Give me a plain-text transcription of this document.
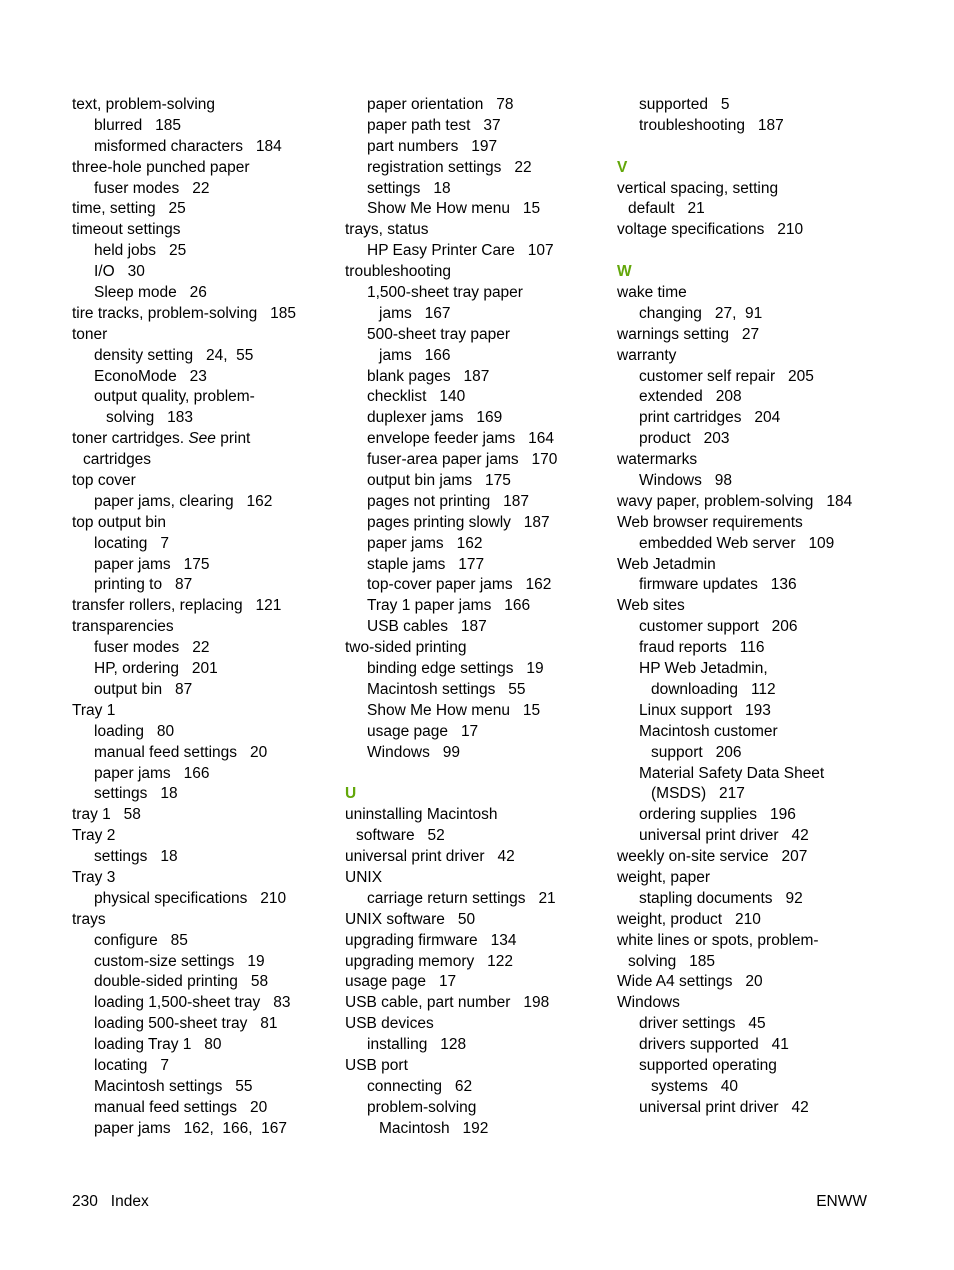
text, problem-solving
blurred   185
misformed characters   184
three-hole punched paper
fuser modes   22
time, setting   25
timeout settings
held jobs   25
I/O   30
Sleep mode   26
tire tracks, problem-solving   185
toner
density setting   24,  55
EconoMode   23
output quality, problem-
solving   183
toner cartridges. See print
cartridges
top cover
paper jams, clearing   162
top output bin
locating   7
paper jams   175
printing to   87
transfer rollers, replacing   121
transparencies
fuser modes   22
HP, ordering   201
output bin   87
Tray 1
loading   80
manual feed settings   20
paper jams   166
settings   18
tray 1   58
Tray 2
settings   18
Tray 3
physical specifications   210
trays
configure   85
custom-size settings   19
double-sided printing   58
loading 1,500-sheet tray   83
loading 500-sheet tray   81
loading Tray 1   80
locating   7
Macintosh settings   55
manual feed settings   20
paper jams   162,  166,  167
paper orientation   78
paper path test   37
part numbers   197
registration settings   22
settings   18
Show Me How menu   15
trays, status
HP Easy Printer Care   107
troubleshooting
1,500-sheet tray paper
jams   167
500-sheet tray paper
jams   166
blank pages   187
checklist   140
duplexer jams   169
envelope feeder jams   164
fuser-area paper jams   170
output bin jams   175
pages not printing   187
pages printing slowly   187
paper jams   162
staple jams   177
top-cover paper jams   162
Tray 1 paper jams   166
USB cables   187
two-sided printing
binding edge settings   19
Macintosh settings   55
Show Me How menu   15
usage page   17
Windows   99
U
uninstalling Macintosh
software   52
universal print driver   42
UNIX
carriage return settings   21
UNIX software   50
upgrading firmware   134
upgrading memory   122
usage page   17
USB cable, part number   198
USB devices
installing   128
USB port
connecting   62
problem-solving
Macintosh   192
supported   5
troubleshooting   187
V
vertical spacing, setting
default   21
voltage specifications   210
W
wake time
changing   27,  91
warnings setting   27
warranty
customer self repair   205
extended   208
print cartridges   204
product   203
watermarks
Windows   98
wavy paper, problem-solving   184
Web browser requirements
embedded Web server   109
Web Jetadmin
firmware updates   136
Web sites
customer support   206
fraud reports   116
HP Web Jetadmin,
downloading   112
Linux support   193
Macintosh customer
support   206
Material Safety Data Sheet
(MSDS)   217
ordering supplies   196
universal print driver   42
weekly on-site service   207
weight, paper
stapling documents   92
weight, product   210
white lines or spots, problem-
solving   185
Wide A4 settings   20
Windows
driver settings   45
drivers supported   41
supported operating
systems   40
universal print driver   42
230   Index	ENWW
